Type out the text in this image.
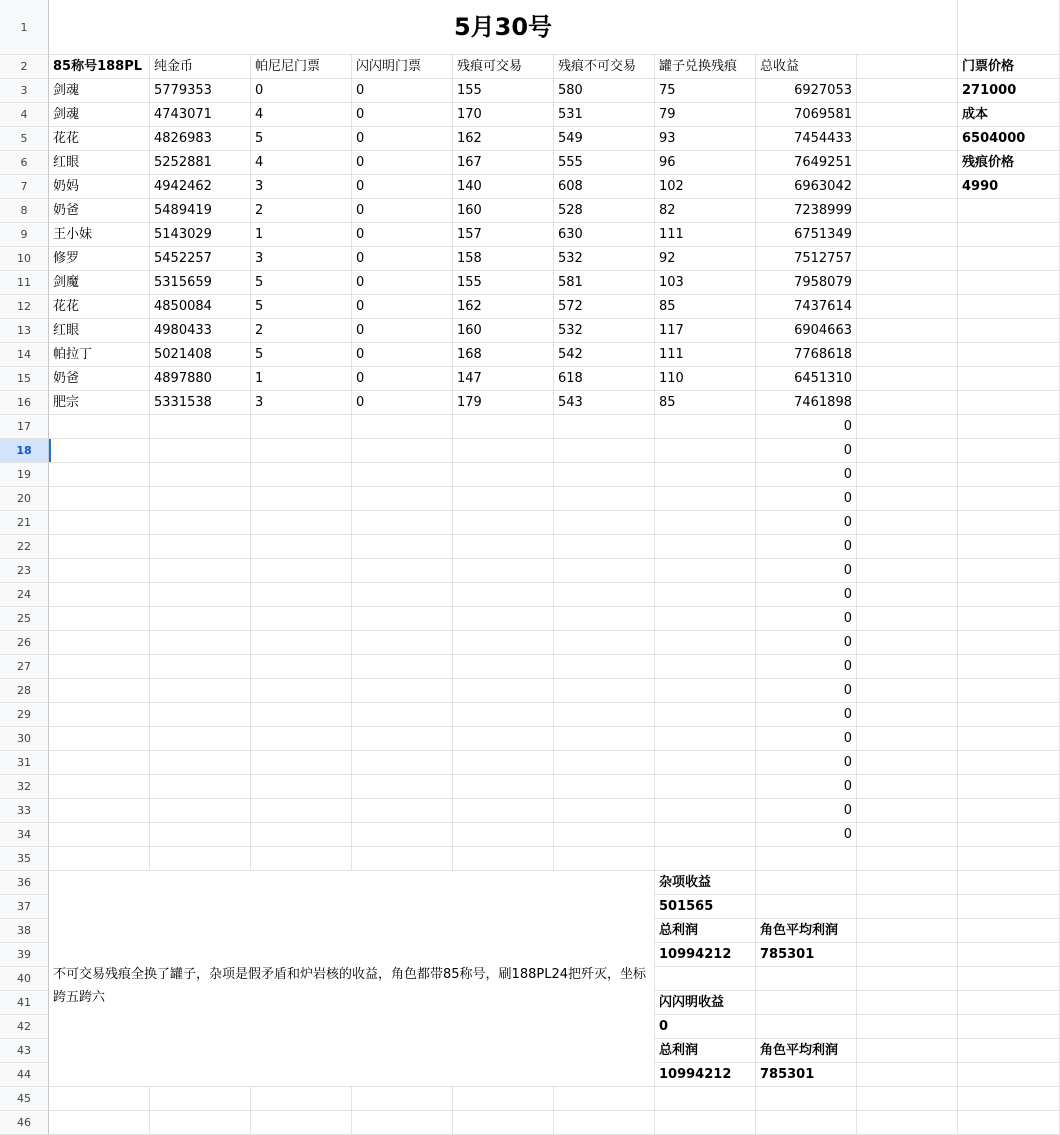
1
2
3
4
5
6
7
8
9
10
11
12
13
14
15
16
17
18
19
20
21
22
23
24
25
26
27
28
29
30
31
32
33
34
35
36
37
38
39
40
41
42
43
44
45
46
5月30号
85称号188PL 纯金币	帕尼尼门票	闪闪明门票	残痕可交易	残痕不可交易	罐子兑换残痕	总收益
剑魂	5779353	0	0	155	580	75	6927053
剑魂	4743071	4	0	170	531	79	7069581
花花	4826983	5	0	162	549	93	7454433
红眼	5252881	4	0	167	555	96	7649251
奶妈	4942462	3	0	140	608	102	6963042
奶爸	5489419	2	0	160	528	82	7238999
王小妹	5143029	1	0	157	630	111	6751349
修罗	5452257	3	0	158	532	92	7512757
剑魔	5315659	5	0	155	581	103	7958079
花花	4850084	5	0	162	572	85	7437614
红眼	4980433	2	0	160	532	117	6904663
帕拉丁	5021408	5	0	168	542	111	7768618
奶爸	4897880	1	0	147	618	110	6451310
肥宗	5331538	3	0	179	543	85	7461898
门票价格
271000
成本
6504000
残痕价格
4990
0
0
0
0
0
0
0
0
0
0
0
0
0
0
0
0
0
0
不可交易残痕全换了罐子，杂项是假矛盾和炉岩核的收益，角色都带85称号，刷188PL24把歼灭，坐标跨五跨六
杂项收益
501565
总利润	角色平均利润
10994212	785301
闪闪明收益
0
总利润	角色平均利润
10994212	785301
